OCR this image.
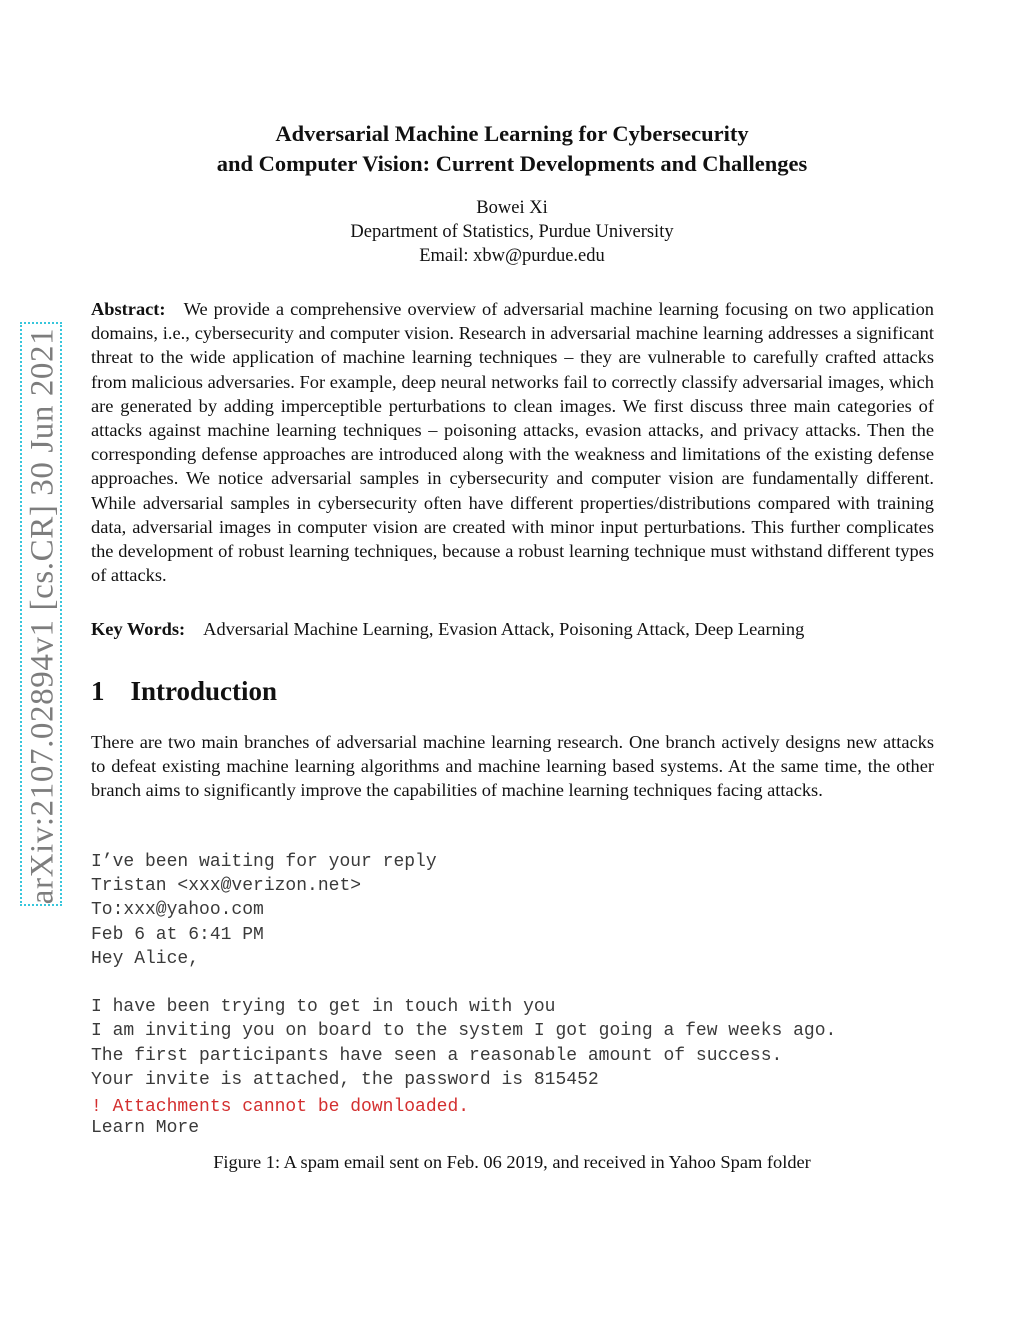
arXiv:2107.02894v1 [cs.CR] 30 Jun 2021
Adversarial Machine Learning for Cybersecurity
and Computer Vision: Current Developments and Challenges
Bowei Xi
Department of Statistics, Purdue University
Email: xbw@purdue.edu

Abstract: We provide a comprehensive overview of adversarial machine learning focusing on two application domains, i.e., cybersecurity and computer vision. Research in adversarial machine learning addresses a significant threat to the wide application of machine learning techniques – they are vulnerable to carefully crafted attacks from malicious adversaries. For example, deep neural networks fail to correctly classify adversarial images, which are generated by adding imperceptible perturbations to clean images. We first discuss three main categories of attacks against machine learning techniques – poisoning attacks, evasion attacks, and privacy attacks. Then the corresponding defense approaches are introduced along with the weakness and limitations of the existing defense approaches. We notice adversarial samples in cybersecurity and computer vision are fundamentally different. While adversarial samples in cybersecurity often have different properties/distributions compared with training data, adversarial images in computer vision are created with minor input perturbations. This further complicates the development of robust learning techniques, because a robust learning technique must withstand different types of attacks.

Key Words: Adversarial Machine Learning, Evasion Attack, Poisoning Attack, Deep Learning
1 Introduction

There are two main branches of adversarial machine learning research. One branch actively designs new attacks to defeat existing machine learning algorithms and machine learning based systems. At the same time, the other branch aims to significantly improve the capabilities of machine learning techniques facing attacks.

I’ve been waiting for your reply
Tristan <xxx@verizon.net>
To:xxx@yahoo.com
Feb 6 at 6:41 PM
Hey Alice,
I have been trying to get in touch with you
I am inviting you on board to the system I got going a few weeks ago.
The first participants have seen a reasonable amount of success.
Your invite is attached, the password is 815452
! Attachments cannot be downloaded.
Learn More
Figure 1: A spam email sent on Feb. 06 2019, and received in Yahoo Spam folder
